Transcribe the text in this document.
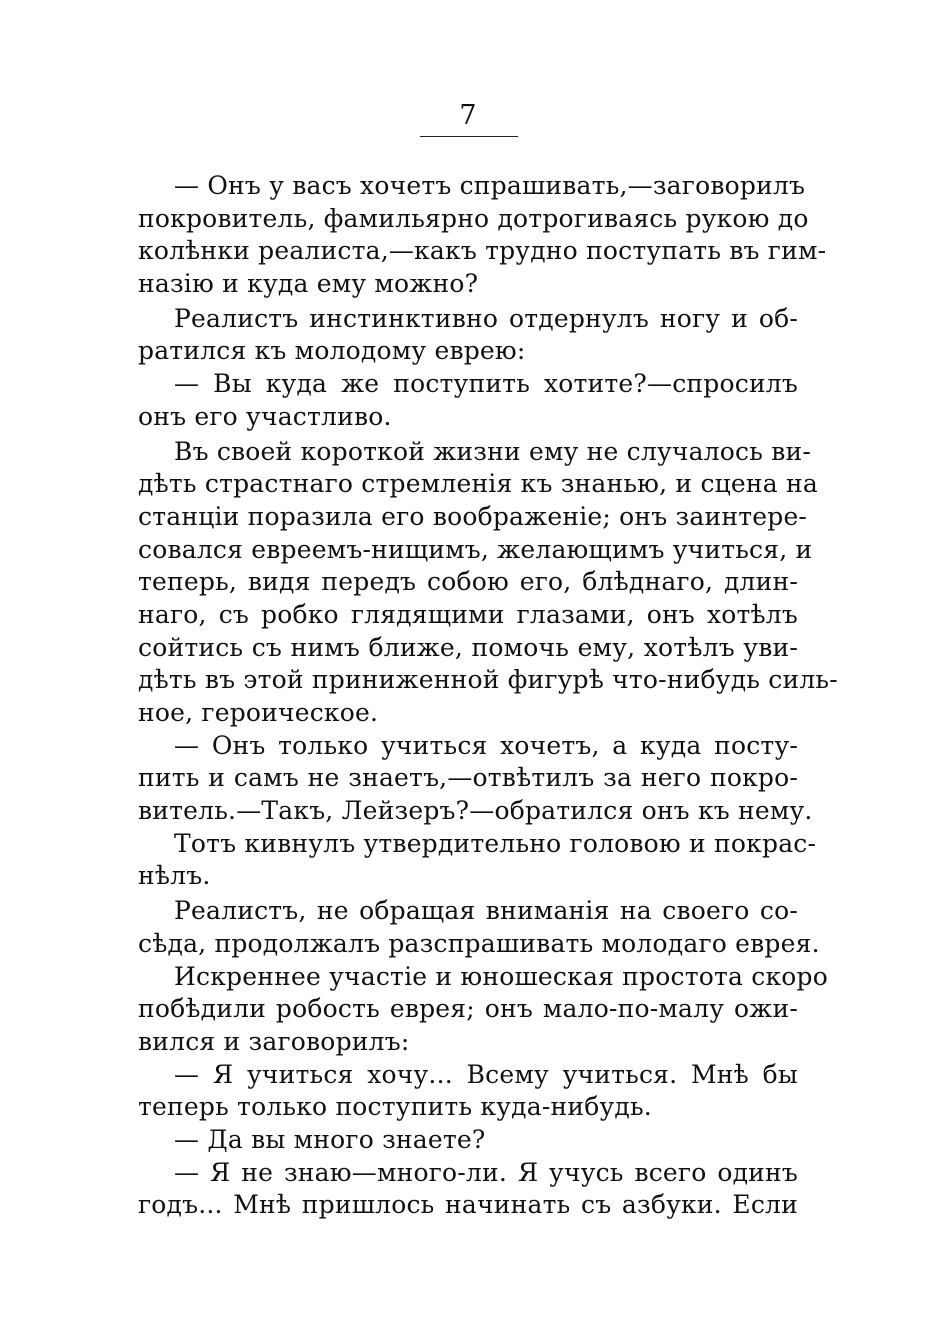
7
— Онъ у васъ хочетъ спрашивать,—заговорилъ
покровитель, фамильярно дотрогиваясь рукою до
колѣнки реалиста,—какъ трудно поступать въ гим-
назію и куда ему можно?
Реалистъ инстинктивно отдернулъ ногу и об-
ратился къ молодому еврею:
— Вы куда же поступить хотите?—спросилъ
онъ его участливо.
Въ своей короткой жизни ему не случалось ви-
дѣть страстнаго стремленія къ знанью, и сцена на
станціи поразила его воображеніе; онъ заинтере-
совался евреемъ-нищимъ, желающимъ учиться, и
теперь, видя передъ собою его, блѣднаго, длин-
наго, съ робко глядящими глазами, онъ хотѣлъ
сойтись съ нимъ ближе, помочь ему, хотѣлъ уви-
дѣть въ этой приниженной фигурѣ что-нибудь силь-
ное, героическое.
— Онъ только учиться хочетъ, а куда посту-
пить и самъ не знаетъ,—отвѣтилъ за него покро-
витель.—Такъ, Лейзеръ?—обратился онъ къ нему.
Тотъ кивнулъ утвердительно головою и покрас-
нѣлъ.
Реалистъ, не обращая вниманія на своего со-
сѣда, продолжалъ разспрашивать молодаго еврея.
Искреннее участіе и юношеская простота скоро
побѣдили робость еврея; онъ мало-по-малу ожи-
вился и заговорилъ:
— Я учиться хочу... Всему учиться. Мнѣ бы
теперь только поступить куда-нибудь.
— Да вы много знаете?
— Я не знаю—много-ли. Я учусь всего одинъ
годъ... Мнѣ пришлось начинать съ азбуки. Если
